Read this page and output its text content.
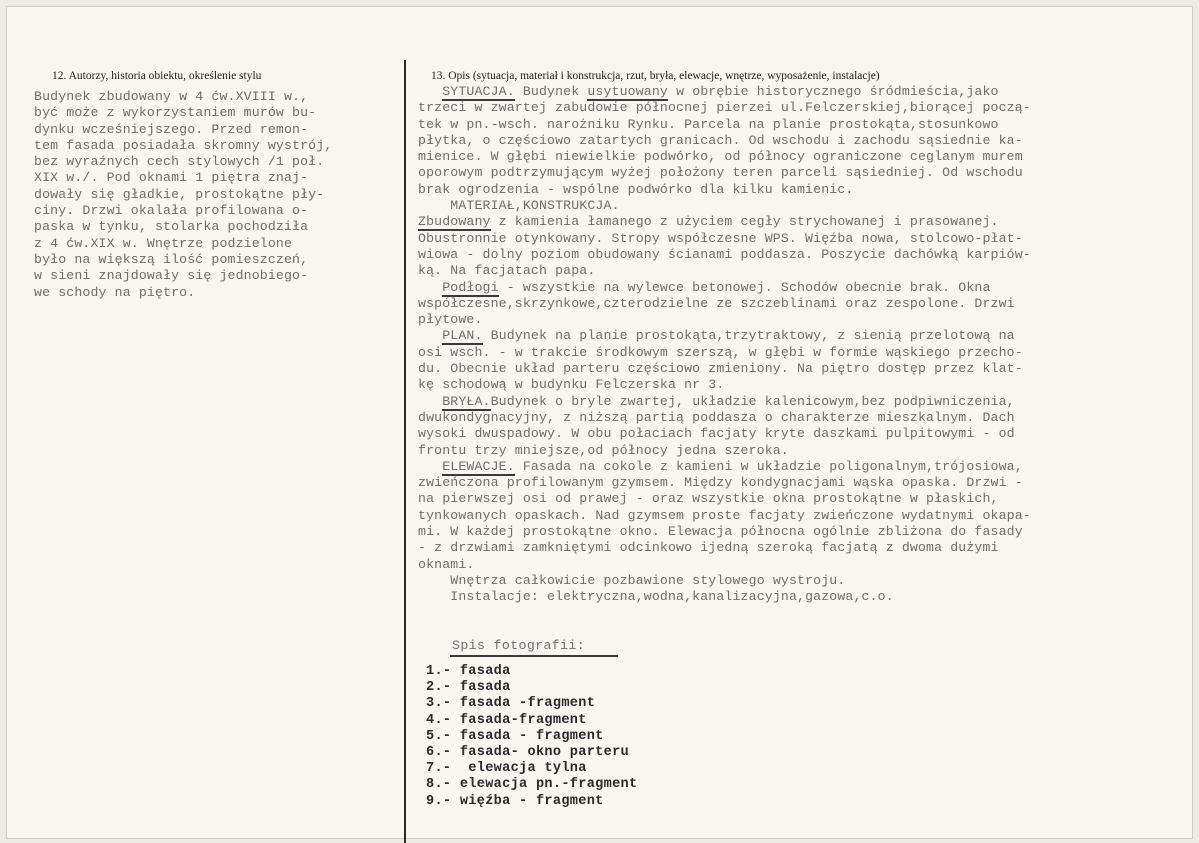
12. Autorzy, historia obiektu, określenie stylu	13. Opis (sytuacja, materiał i konstrukcja, rzut, bryła, elewacje, wnętrze, wyposażenie, instalacje)
Budynek zbudowany w 4 ćw.XVIII w.,
być może z wykorzystaniem murów bu-
dynku wcześniejszego. Przed remon-
tem fasada posiadała skromny wystrój,
bez wyraźnych cech stylowych /1 poł.
XIX w./. Pod oknami 1 piętra znaj-
dowały się gładkie, prostokątne pły-
ciny. Drzwi okalała profilowana o-
paska w tynku, stolarka pochodziła
z 4 ćw.XIX w. Wnętrze podzielone
było na większą ilość pomieszczeń,
w sieni znajdowały się jednobiego-
we schody na piętro.
SYTUACJA. Budynek usytuowany w obrębie historycznego śródmieścia,jako
trzeci w zwartej zabudowie północnej pierzei ul.Felczerskiej,biorącej począ-
tek w pn.-wsch. narożniku Rynku. Parcela na planie prostokąta,stosunkowo
płytka, o częściowo zatartych granicach. Od wschodu i zachodu sąsiednie ka-
mienice. W głębi niewielkie podwórko, od północy ograniczone ceglanym murem
oporowym podtrzymującym wyżej położony teren parceli sąsiedniej. Od wschodu
brak ogrodzenia - wspólne podwórko dla kilku kamienic.
MATERIAŁ,KONSTRUKCJA.
Zbudowany z kamienia łamanego z użyciem cegły strychowanej i prasowanej.
Obustronnie otynkowany. Stropy współczesne WPS. Więźba nowa, stolcowo-płat-
wiowa - dolny poziom obudowany ścianami poddasza. Poszycie dachówką karpiów-
ką. Na facjatach papa.
Podłogi - wszystkie na wylewce betonowej. Schodów obecnie brak. Okna
współczesne,skrzynkowe,czterodzielne ze szczeblinami oraz zespolone. Drzwi
płytowe.
PLAN. Budynek na planie prostokąta,trzytraktowy, z sienią przelotową na
osi wsch. - w trakcie środkowym szerszą, w głębi w formie wąskiego przecho-
du. Obecnie układ parteru częściowo zmieniony. Na piętro dostęp przez klat-
kę schodową w budynku Felczerska nr 3.
BRYŁA.Budynek o bryle zwartej, układzie kalenicowym,bez podpiwniczenia,
dwukondygnacyjny, z niższą partią poddasza o charakterze mieszkalnym. Dach
wysoki dwuspadowy. W obu połaciach facjaty kryte daszkami pulpitowymi - od
frontu trzy mniejsze,od północy jedna szeroka.
ELEWACJE. Fasada na cokole z kamieni w układzie poligonalnym,trójosiowa,
zwieńczona profilowanym gzymsem. Między kondygnacjami wąska opaska. Drzwi -
na pierwszej osi od prawej - oraz wszystkie okna prostokątne w płaskich,
tynkowanych opaskach. Nad gzymsem proste facjaty zwieńczone wydatnymi okapa-
mi. W każdej prostokątne okno. Elewacja północna ogólnie zbliżona do fasady
- z drzwiami zamkniętymi odcinkowo ijedną szeroką facjatą z dwoma dużymi
oknami.
Wnętrza całkowicie pozbawione stylowego wystroju.
Instalacje: elektryczna,wodna,kanalizacyjna,gazowa,c.o.
Spis fotografii:
1.- fasada
2.- fasada
3.- fasada -fragment
4.- fasada-fragment
5.- fasada - fragment
6.- fasada- okno parteru
7.-  elewacja tylna
8.- elewacja pn.-fragment
9.- więźba - fragment
